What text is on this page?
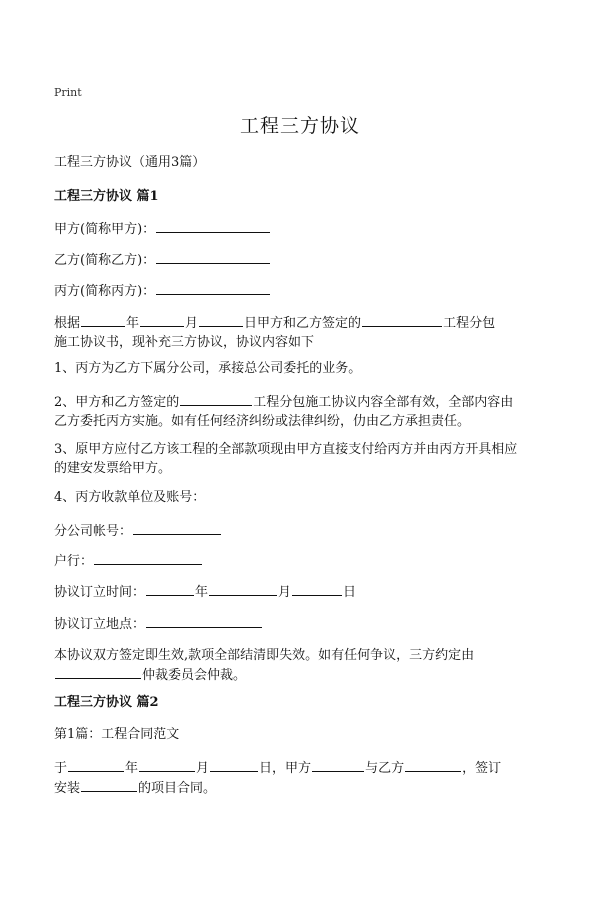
Print
工程三方协议
工程三方协议（通用3篇）
工程三方协议 篇1
甲方(简称甲方)：
乙方(简称乙方)：
丙方(简称丙方)：
根据	年	月	日甲方和乙方签定的	工程分包
施工协议书，现补充三方协议，协议内容如下
1、丙方为乙方下属分公司，承接总公司委托的业务。
2、甲方和乙方签定的	工程分包施工协议内容全部有效，全部内容由
乙方委托丙方实施。如有任何经济纠纷或法律纠纷，仂由乙方承担责任。
3、原甲方应付乙方该工程的全部款项现由甲方直接支付给丙方并由丙方开具相应
的建安发票给甲方。
4、丙方收款单位及账号：
分公司帐号：
户行：
协议订立时间：	年	月	日
协议订立地点：
本协议双方签定即生效,款项全部结清即失效。如有任何争议，三方约定由
仲裁委员会仲裁。
工程三方协议 篇2
第1篇：工程合同范文
于	年	月	日，甲方	与乙方	，签订
安装	的项目合同。
